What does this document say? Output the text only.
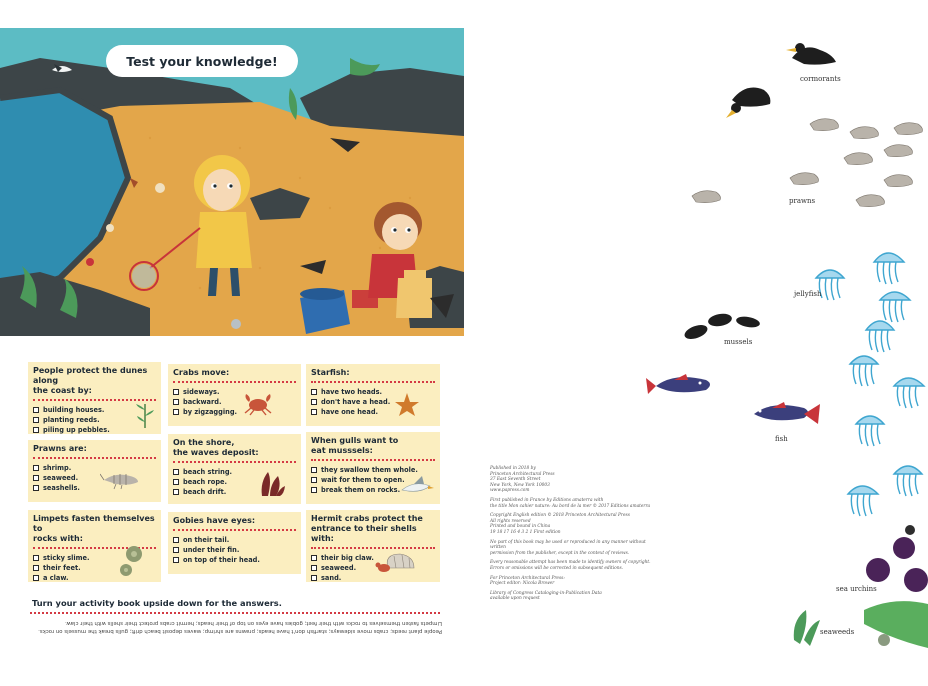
Test your knowledge!
People protect the dunes along
the coast by:
building houses.
planting reeds.
piling up pebbles.
Crabs move:
sideways.
backward.
by zigzagging.
Starfish:
have two heads.
don't have a head.
have one head.
Prawns are:
shrimp.
seaweed.
seashells.
On the shore,
the waves deposit:
beach string.
beach rope.
beach drift.
When gulls want to
eat musssels:
they swallow them whole.
wait for them to open.
break them on rocks.
Limpets fasten themselves to
rocks with:
sticky slime.
their feet.
a claw.
Gobies have eyes:
on their tail.
under their fin.
on top of their head.
Hermit crabs protect the
entrance to their shells with:
their big claw.
seaweed.
sand.
Turn your activity book upside down for the answers.
People plant reeds; crabs move sideways; starfish don't have heads; prawns are shrimp; waves deposit beach drift; gulls break the mussels on rocks.
Limpets fasten themselves to rocks with their feet; gobies have eyes on top of their heads; hermit crabs protect their shells with their claw.
cormorants
prawns
jellyfish
mussels
fish
sea urchins
seaweeds
Published in 2018 by
Princeton Architectural Press
37 East Seventh Street
New York, New York 10003
www.papress.com
First published in France by Editions amaterra with
the title Mon cahier nature: Au bord de la mer © 2017 Editions amaterra
Copyright English edition © 2018 Princeton Architectural Press
All rights reserved
Printed and bound in China
19 18 17 16 4 3 2 1 First edition
No part of this book may be used or reproduced in any manner without written
permission from the publisher, except in the context of reviews.
Every reasonable attempt has been made to identify owners of copyright.
Errors or omissions will be corrected in subsequent editions.
For Princeton Architectural Press:
Project editor: Nicola Brower
Library of Congress Cataloging-in-Publication Data
available upon request
